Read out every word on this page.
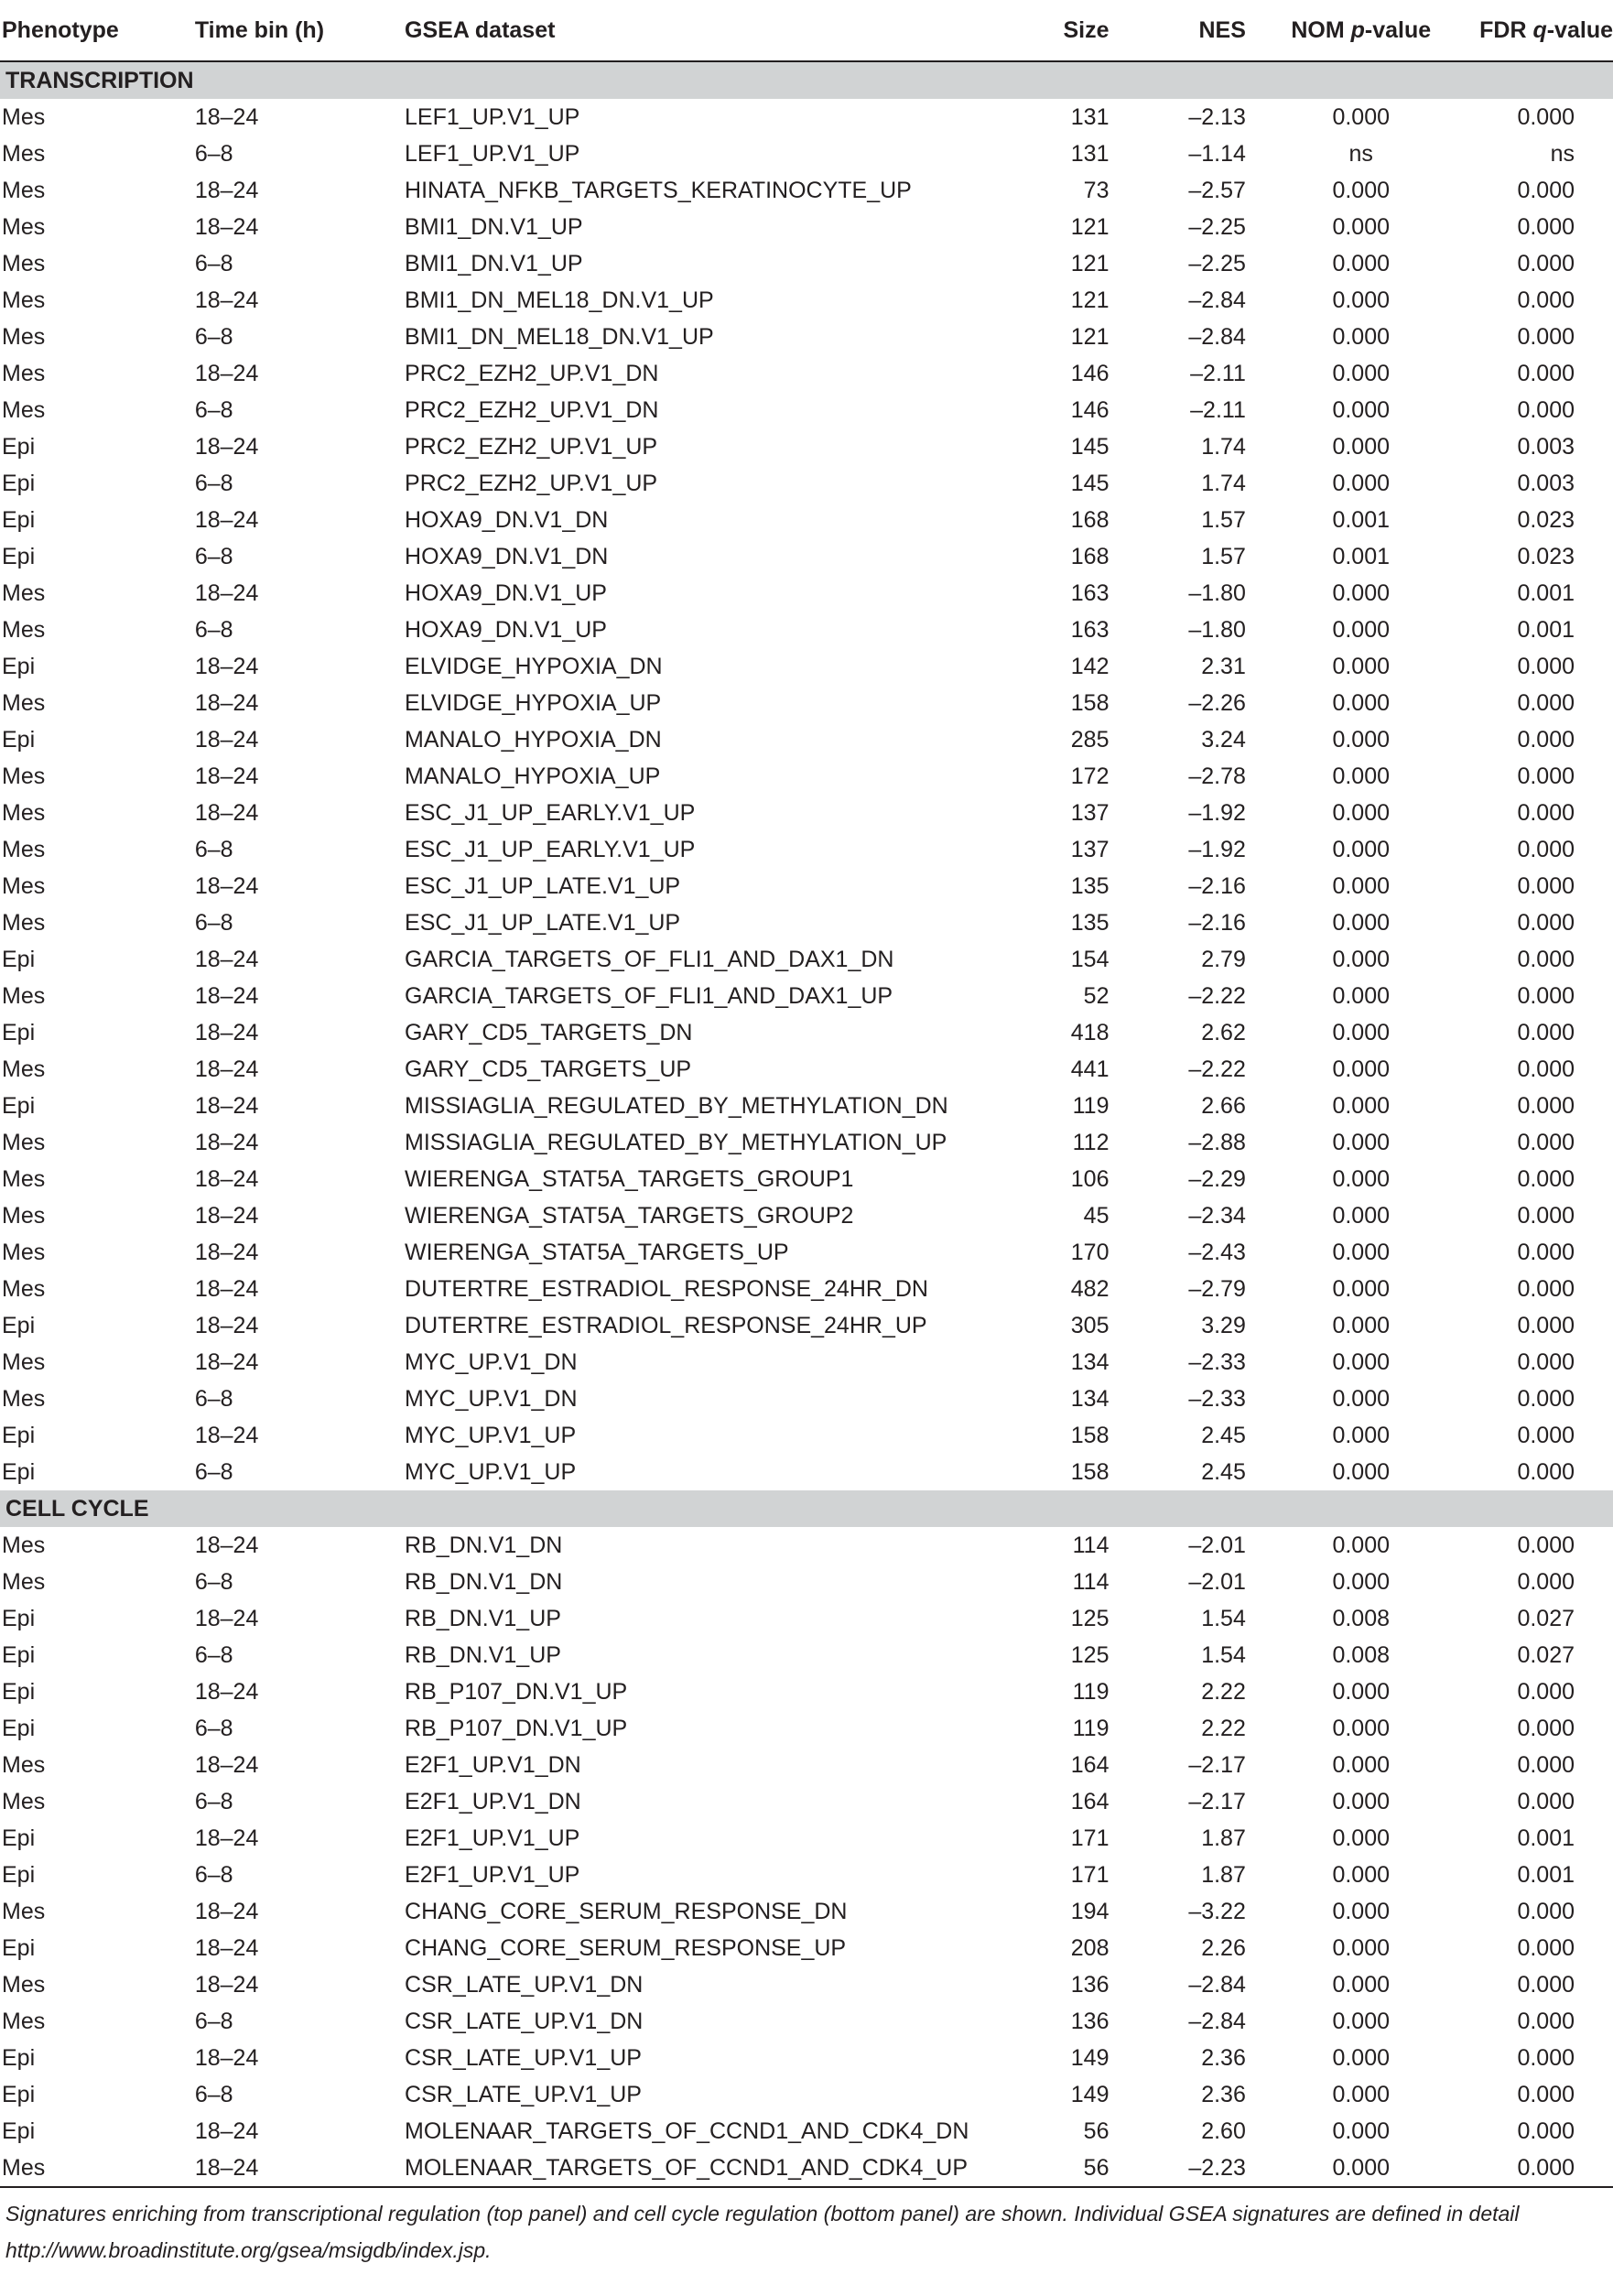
Phenotype	Time bin (h)	GSEA dataset	Size	NES	NOM p-value	FDR q-value
TRANSCRIPTION						
Mes	18–24	LEF1_UP.V1_UP	131	–2.13	0.000	0.000
Mes	6–8	LEF1_UP.V1_UP	131	–1.14	ns	ns
Mes	18–24	HINATA_NFKB_TARGETS_KERATINOCYTE_UP	73	–2.57	0.000	0.000
Mes	18–24	BMI1_DN.V1_UP	121	–2.25	0.000	0.000
Mes	6–8	BMI1_DN.V1_UP	121	–2.25	0.000	0.000
Mes	18–24	BMI1_DN_MEL18_DN.V1_UP	121	–2.84	0.000	0.000
Mes	6–8	BMI1_DN_MEL18_DN.V1_UP	121	–2.84	0.000	0.000
Mes	18–24	PRC2_EZH2_UP.V1_DN	146	–2.11	0.000	0.000
Mes	6–8	PRC2_EZH2_UP.V1_DN	146	–2.11	0.000	0.000
Epi	18–24	PRC2_EZH2_UP.V1_UP	145	1.74	0.000	0.003
Epi	6–8	PRC2_EZH2_UP.V1_UP	145	1.74	0.000	0.003
Epi	18–24	HOXA9_DN.V1_DN	168	1.57	0.001	0.023
Epi	6–8	HOXA9_DN.V1_DN	168	1.57	0.001	0.023
Mes	18–24	HOXA9_DN.V1_UP	163	–1.80	0.000	0.001
Mes	6–8	HOXA9_DN.V1_UP	163	–1.80	0.000	0.001
Epi	18–24	ELVIDGE_HYPOXIA_DN	142	2.31	0.000	0.000
Mes	18–24	ELVIDGE_HYPOXIA_UP	158	–2.26	0.000	0.000
Epi	18–24	MANALO_HYPOXIA_DN	285	3.24	0.000	0.000
Mes	18–24	MANALO_HYPOXIA_UP	172	–2.78	0.000	0.000
Mes	18–24	ESC_J1_UP_EARLY.V1_UP	137	–1.92	0.000	0.000
Mes	6–8	ESC_J1_UP_EARLY.V1_UP	137	–1.92	0.000	0.000
Mes	18–24	ESC_J1_UP_LATE.V1_UP	135	–2.16	0.000	0.000
Mes	6–8	ESC_J1_UP_LATE.V1_UP	135	–2.16	0.000	0.000
Epi	18–24	GARCIA_TARGETS_OF_FLI1_AND_DAX1_DN	154	2.79	0.000	0.000
Mes	18–24	GARCIA_TARGETS_OF_FLI1_AND_DAX1_UP	52	–2.22	0.000	0.000
Epi	18–24	GARY_CD5_TARGETS_DN	418	2.62	0.000	0.000
Mes	18–24	GARY_CD5_TARGETS_UP	441	–2.22	0.000	0.000
Epi	18–24	MISSIAGLIA_REGULATED_BY_METHYLATION_DN	119	2.66	0.000	0.000
Mes	18–24	MISSIAGLIA_REGULATED_BY_METHYLATION_UP	112	–2.88	0.000	0.000
Mes	18–24	WIERENGA_STAT5A_TARGETS_GROUP1	106	–2.29	0.000	0.000
Mes	18–24	WIERENGA_STAT5A_TARGETS_GROUP2	45	–2.34	0.000	0.000
Mes	18–24	WIERENGA_STAT5A_TARGETS_UP	170	–2.43	0.000	0.000
Mes	18–24	DUTERTRE_ESTRADIOL_RESPONSE_24HR_DN	482	–2.79	0.000	0.000
Epi	18–24	DUTERTRE_ESTRADIOL_RESPONSE_24HR_UP	305	3.29	0.000	0.000
Mes	18–24	MYC_UP.V1_DN	134	–2.33	0.000	0.000
Mes	6–8	MYC_UP.V1_DN	134	–2.33	0.000	0.000
Epi	18–24	MYC_UP.V1_UP	158	2.45	0.000	0.000
Epi	6–8	MYC_UP.V1_UP	158	2.45	0.000	0.000
CELL CYCLE						
Mes	18–24	RB_DN.V1_DN	114	–2.01	0.000	0.000
Mes	6–8	RB_DN.V1_DN	114	–2.01	0.000	0.000
Epi	18–24	RB_DN.V1_UP	125	1.54	0.008	0.027
Epi	6–8	RB_DN.V1_UP	125	1.54	0.008	0.027
Epi	18–24	RB_P107_DN.V1_UP	119	2.22	0.000	0.000
Epi	6–8	RB_P107_DN.V1_UP	119	2.22	0.000	0.000
Mes	18–24	E2F1_UP.V1_DN	164	–2.17	0.000	0.000
Mes	6–8	E2F1_UP.V1_DN	164	–2.17	0.000	0.000
Epi	18–24	E2F1_UP.V1_UP	171	1.87	0.000	0.001
Epi	6–8	E2F1_UP.V1_UP	171	1.87	0.000	0.001
Mes	18–24	CHANG_CORE_SERUM_RESPONSE_DN	194	–3.22	0.000	0.000
Epi	18–24	CHANG_CORE_SERUM_RESPONSE_UP	208	2.26	0.000	0.000
Mes	18–24	CSR_LATE_UP.V1_DN	136	–2.84	0.000	0.000
Mes	6–8	CSR_LATE_UP.V1_DN	136	–2.84	0.000	0.000
Epi	18–24	CSR_LATE_UP.V1_UP	149	2.36	0.000	0.000
Epi	6–8	CSR_LATE_UP.V1_UP	149	2.36	0.000	0.000
Epi	18–24	MOLENAAR_TARGETS_OF_CCND1_AND_CDK4_DN	56	2.60	0.000	0.000
Mes	18–24	MOLENAAR_TARGETS_OF_CCND1_AND_CDK4_UP	56	–2.23	0.000	0.000
Signatures enriching from transcriptional regulation (top panel) and cell cycle regulation (bottom panel) are shown. Individual GSEA signatures are defined in detail
http://www.broadinstitute.org/gsea/msigdb/index.jsp.
